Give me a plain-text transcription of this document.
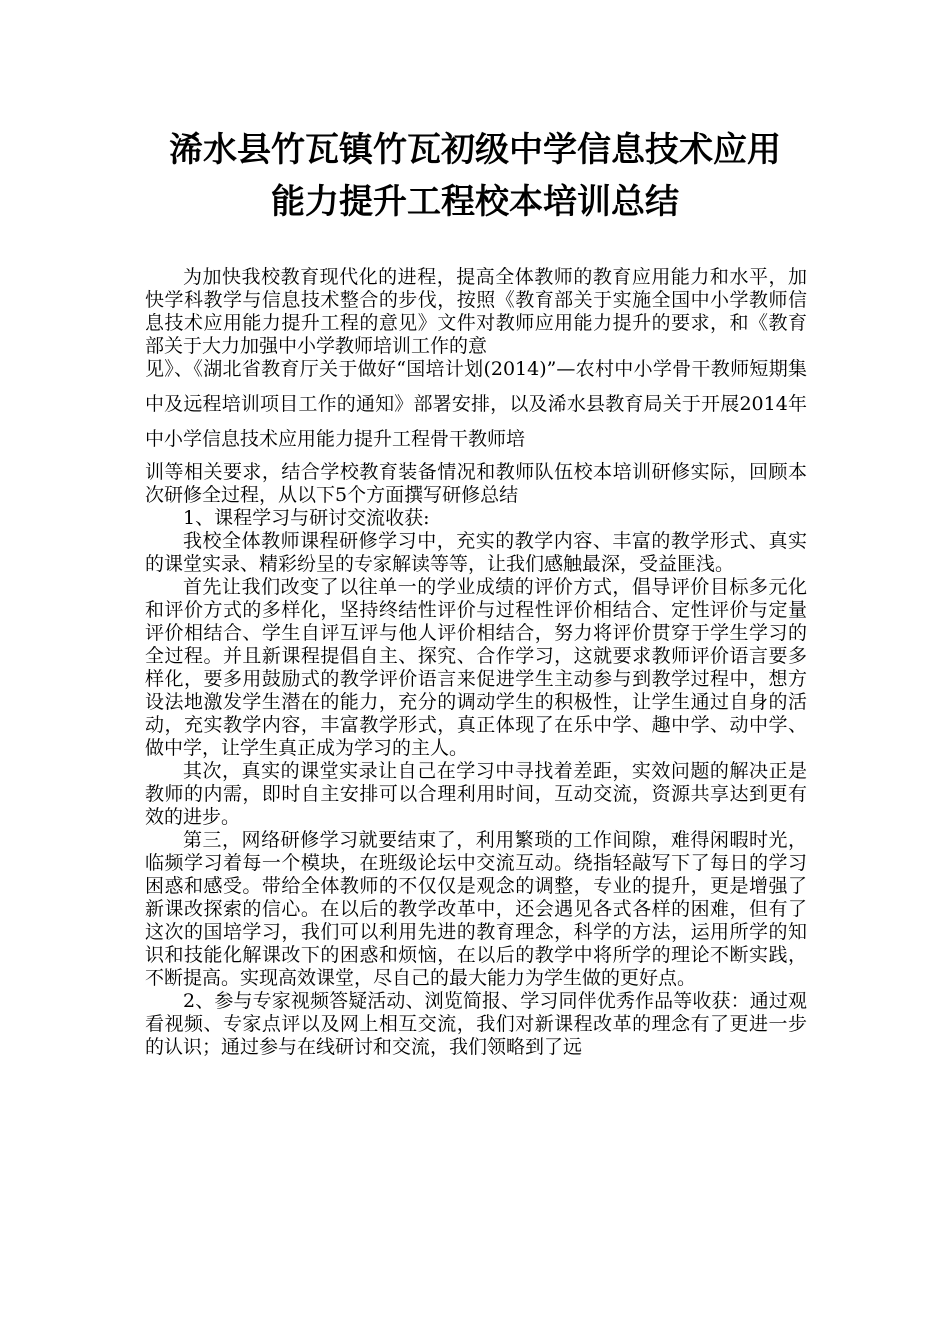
浠水县竹瓦镇竹瓦初级中学信息技术应用
能力提升工程校本培训总结

为加快我校教育现代化的进程，提高全体教师的教育应用能力和水平，加快学科教学与信息技术整合的步伐，按照《教育部关于实施全国中小学教师信息技术应用能力提升工程的意见》文件对教师应用能力提升的要求，和《教育部关于大力加强中小学教师培训工作的意

见》、《湖北省教育厅关于做好“国培计划(2014)”—农村中小学骨干教师短期集中及远程培训项目工作的通知》部署安排，以及浠水县教育局关于开展2014年中小学信息技术应用能力提升工程骨干教师培

训等相关要求，结合学校教育装备情况和教师队伍校本培训研修实际，回顾本次研修全过程，从以下5个方面撰写研修总结

1、课程学习与研讨交流收获:

我校全体教师课程研修学习中，充实的教学内容、丰富的教学形式、真实的课堂实录、精彩纷呈的专家解读等等，让我们感触最深，受益匪浅。

首先让我们改变了以往单一的学业成绩的评价方式，倡导评价目标多元化和评价方式的多样化，坚持终结性评价与过程性评价相结合、定性评价与定量评价相结合、学生自评互评与他人评价相结合，努力将评价贯穿于学生学习的全过程。并且新课程提倡自主、探究、合作学习，这就要求教师评价语言要多样化，要多用鼓励式的教学评价语言来促进学生主动参与到教学过程中，想方设法地激发学生潜在的能力，充分的调动学生的积极性，让学生通过自身的活动，充实教学内容，丰富教学形式，真正体现了在乐中学、趣中学、动中学、做中学，让学生真正成为学习的主人。

其次，真实的课堂实录让自己在学习中寻找着差距，实效问题的解决正是教师的内需，即时自主安排可以合理利用时间，互动交流，资源共享达到更有效的进步。

第三，网络研修学习就要结束了，利用繁琐的工作间隙，难得闲暇时光，临频学习着每一个模块，在班级论坛中交流互动。绕指轻敲写下了每日的学习困惑和感受。带给全体教师的不仅仅是观念的调整，专业的提升，更是增强了新课改探索的信心。在以后的教学改革中，还会遇见各式各样的困难，但有了这次的国培学习，我们可以利用先进的教育理念，科学的方法，运用所学的知识和技能化解课改下的困惑和烦恼，在以后的教学中将所学的理论不断实践，不断提高。实现高效课堂，尽自己的最大能力为学生做的更好点。

2、参与专家视频答疑活动、浏览简报、学习同伴优秀作品等收获：通过观看视频、专家点评以及网上相互交流，我们对新课程改革的理念有了更进一步的认识；通过参与在线研讨和交流，我们领略到了远
